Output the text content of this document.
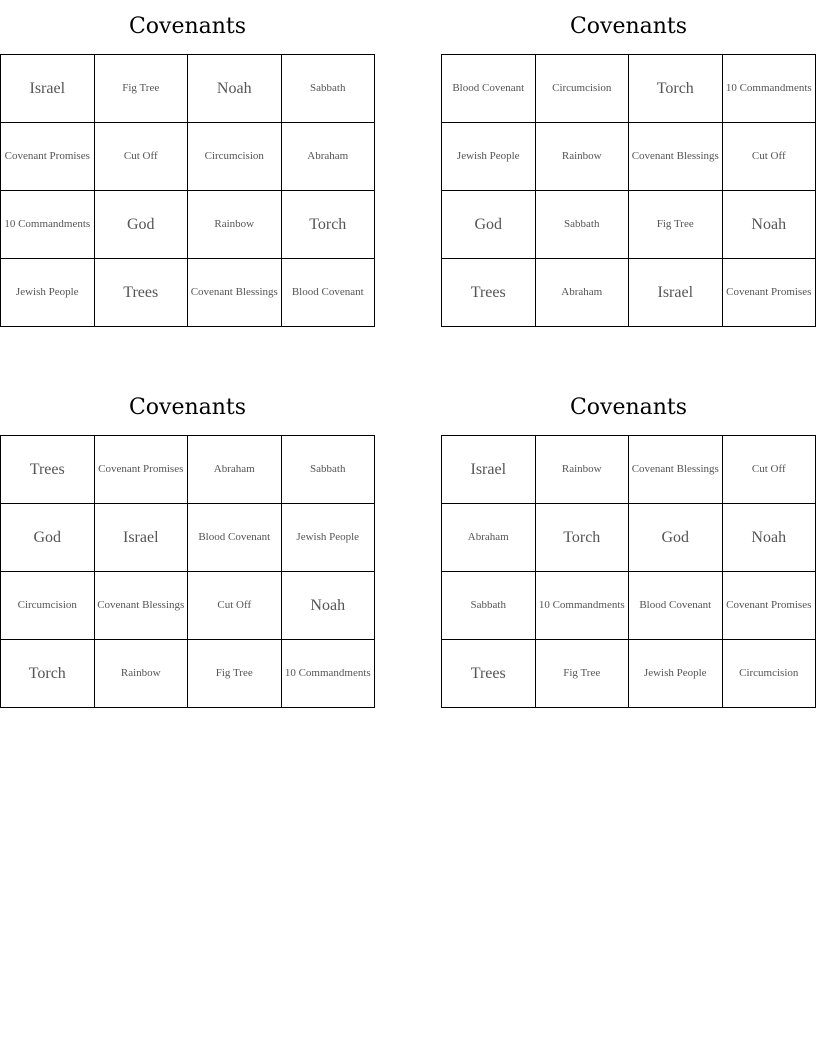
Covenants
Israel	Fig Tree	Noah	Sabbath
Covenant Promises	Cut Off	Circumcision	Abraham
10 Commandments	God	Rainbow	Torch
Jewish People	Trees	Covenant Blessings	Blood Covenant
Covenants
Blood Covenant	Circumcision	Torch	10 Commandments
Jewish People	Rainbow	Covenant Blessings	Cut Off
God	Sabbath	Fig Tree	Noah
Trees	Abraham	Israel	Covenant Promises
Covenants
Trees	Covenant Promises	Abraham	Sabbath
God	Israel	Blood Covenant	Jewish People
Circumcision	Covenant Blessings	Cut Off	Noah
Torch	Rainbow	Fig Tree	10 Commandments
Covenants
Israel	Rainbow	Covenant Blessings	Cut Off
Abraham	Torch	God	Noah
Sabbath	10 Commandments	Blood Covenant	Covenant Promises
Trees	Fig Tree	Jewish People	Circumcision
